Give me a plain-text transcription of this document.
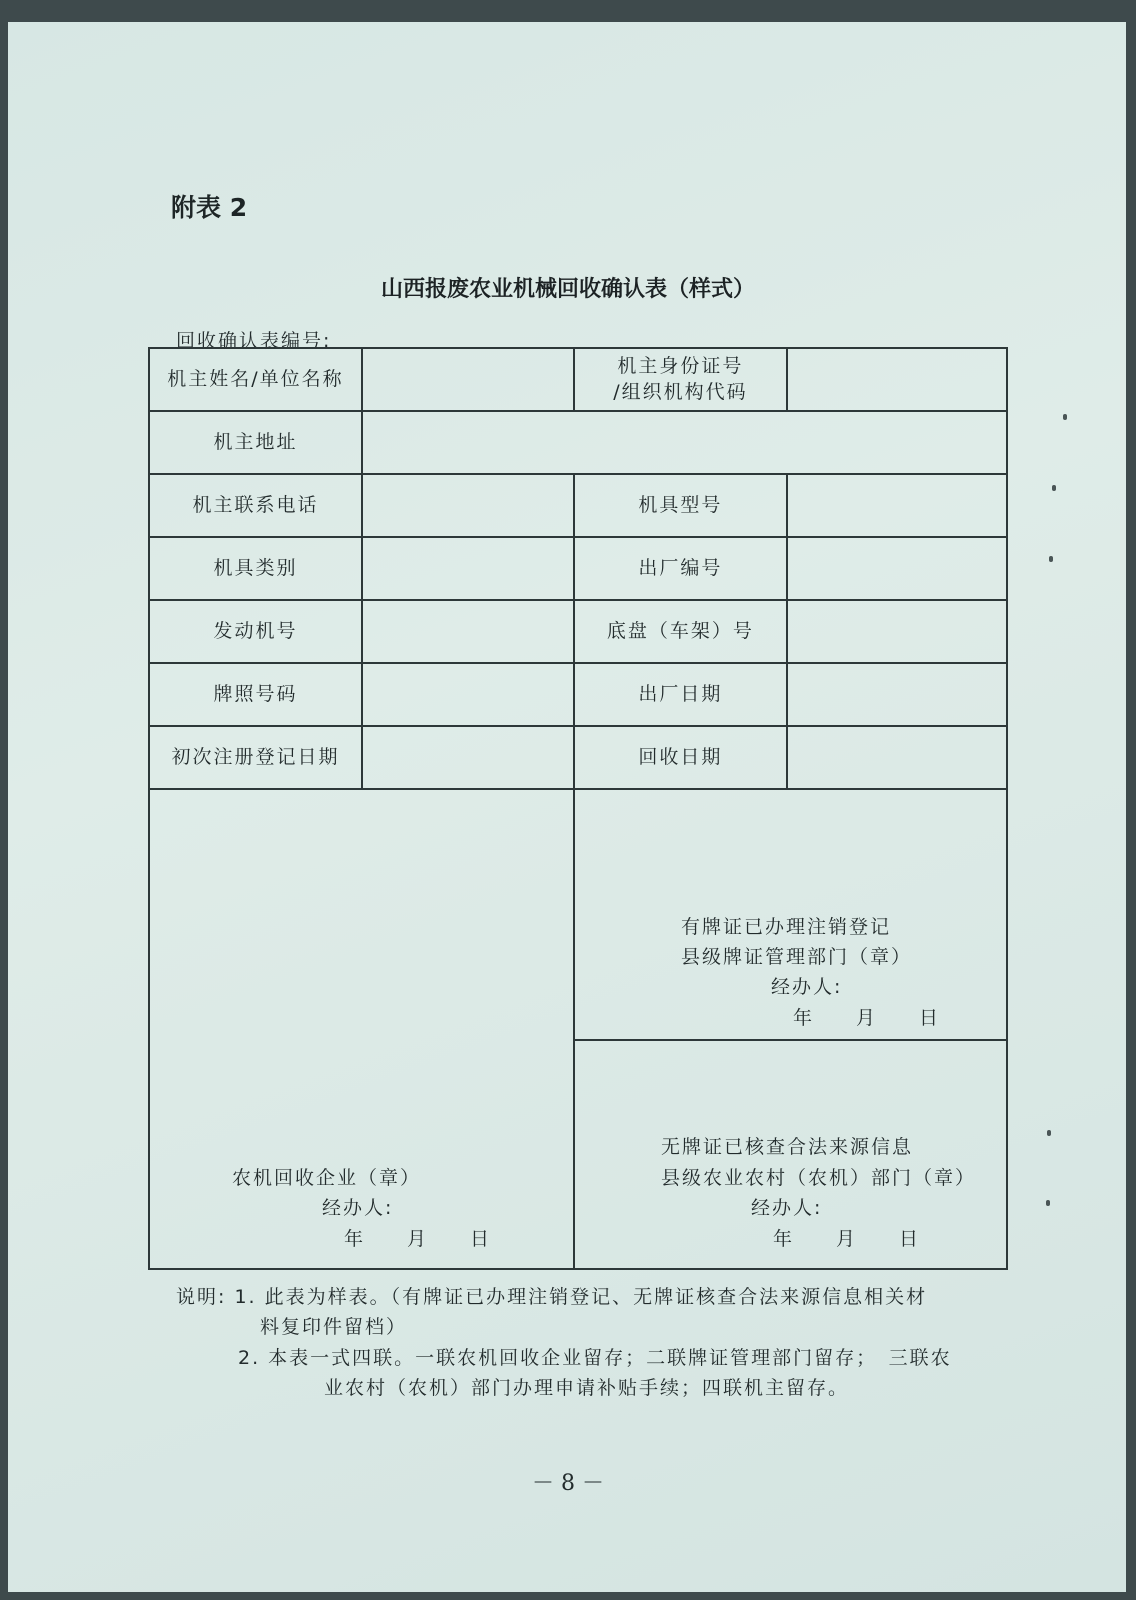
附表 2
山西报废农业机械回收确认表（样式）
回收确认表编号:
机主姓名/单位名称		机主身份证号
/组织机构代码	

机主地址			
机主联系电话		机具型号	
机具类别		出厂编号	
发动机号		底盘（车架）号	
牌照号码		出厂日期	
初次注册登记日期		回收日期	

农机回收企业（章）
经办人:
年　　月　　日		有牌证已办理注销登记
县级牌证管理部门（章）
经办人:
年　　月　　日	

		无牌证已核查合法来源信息
县级农业农村（农机）部门（章）
经办人:
年　　月　　日	
说明: 1. 此表为样表。（有牌证已办理注销登记、无牌证核查合法来源信息相关材
料复印件留档）
2. 本表一式四联。一联农机回收企业留存；二联牌证管理部门留存；　三联农
业农村（农机）部门办理申请补贴手续；四联机主留存。
－ 8 －
